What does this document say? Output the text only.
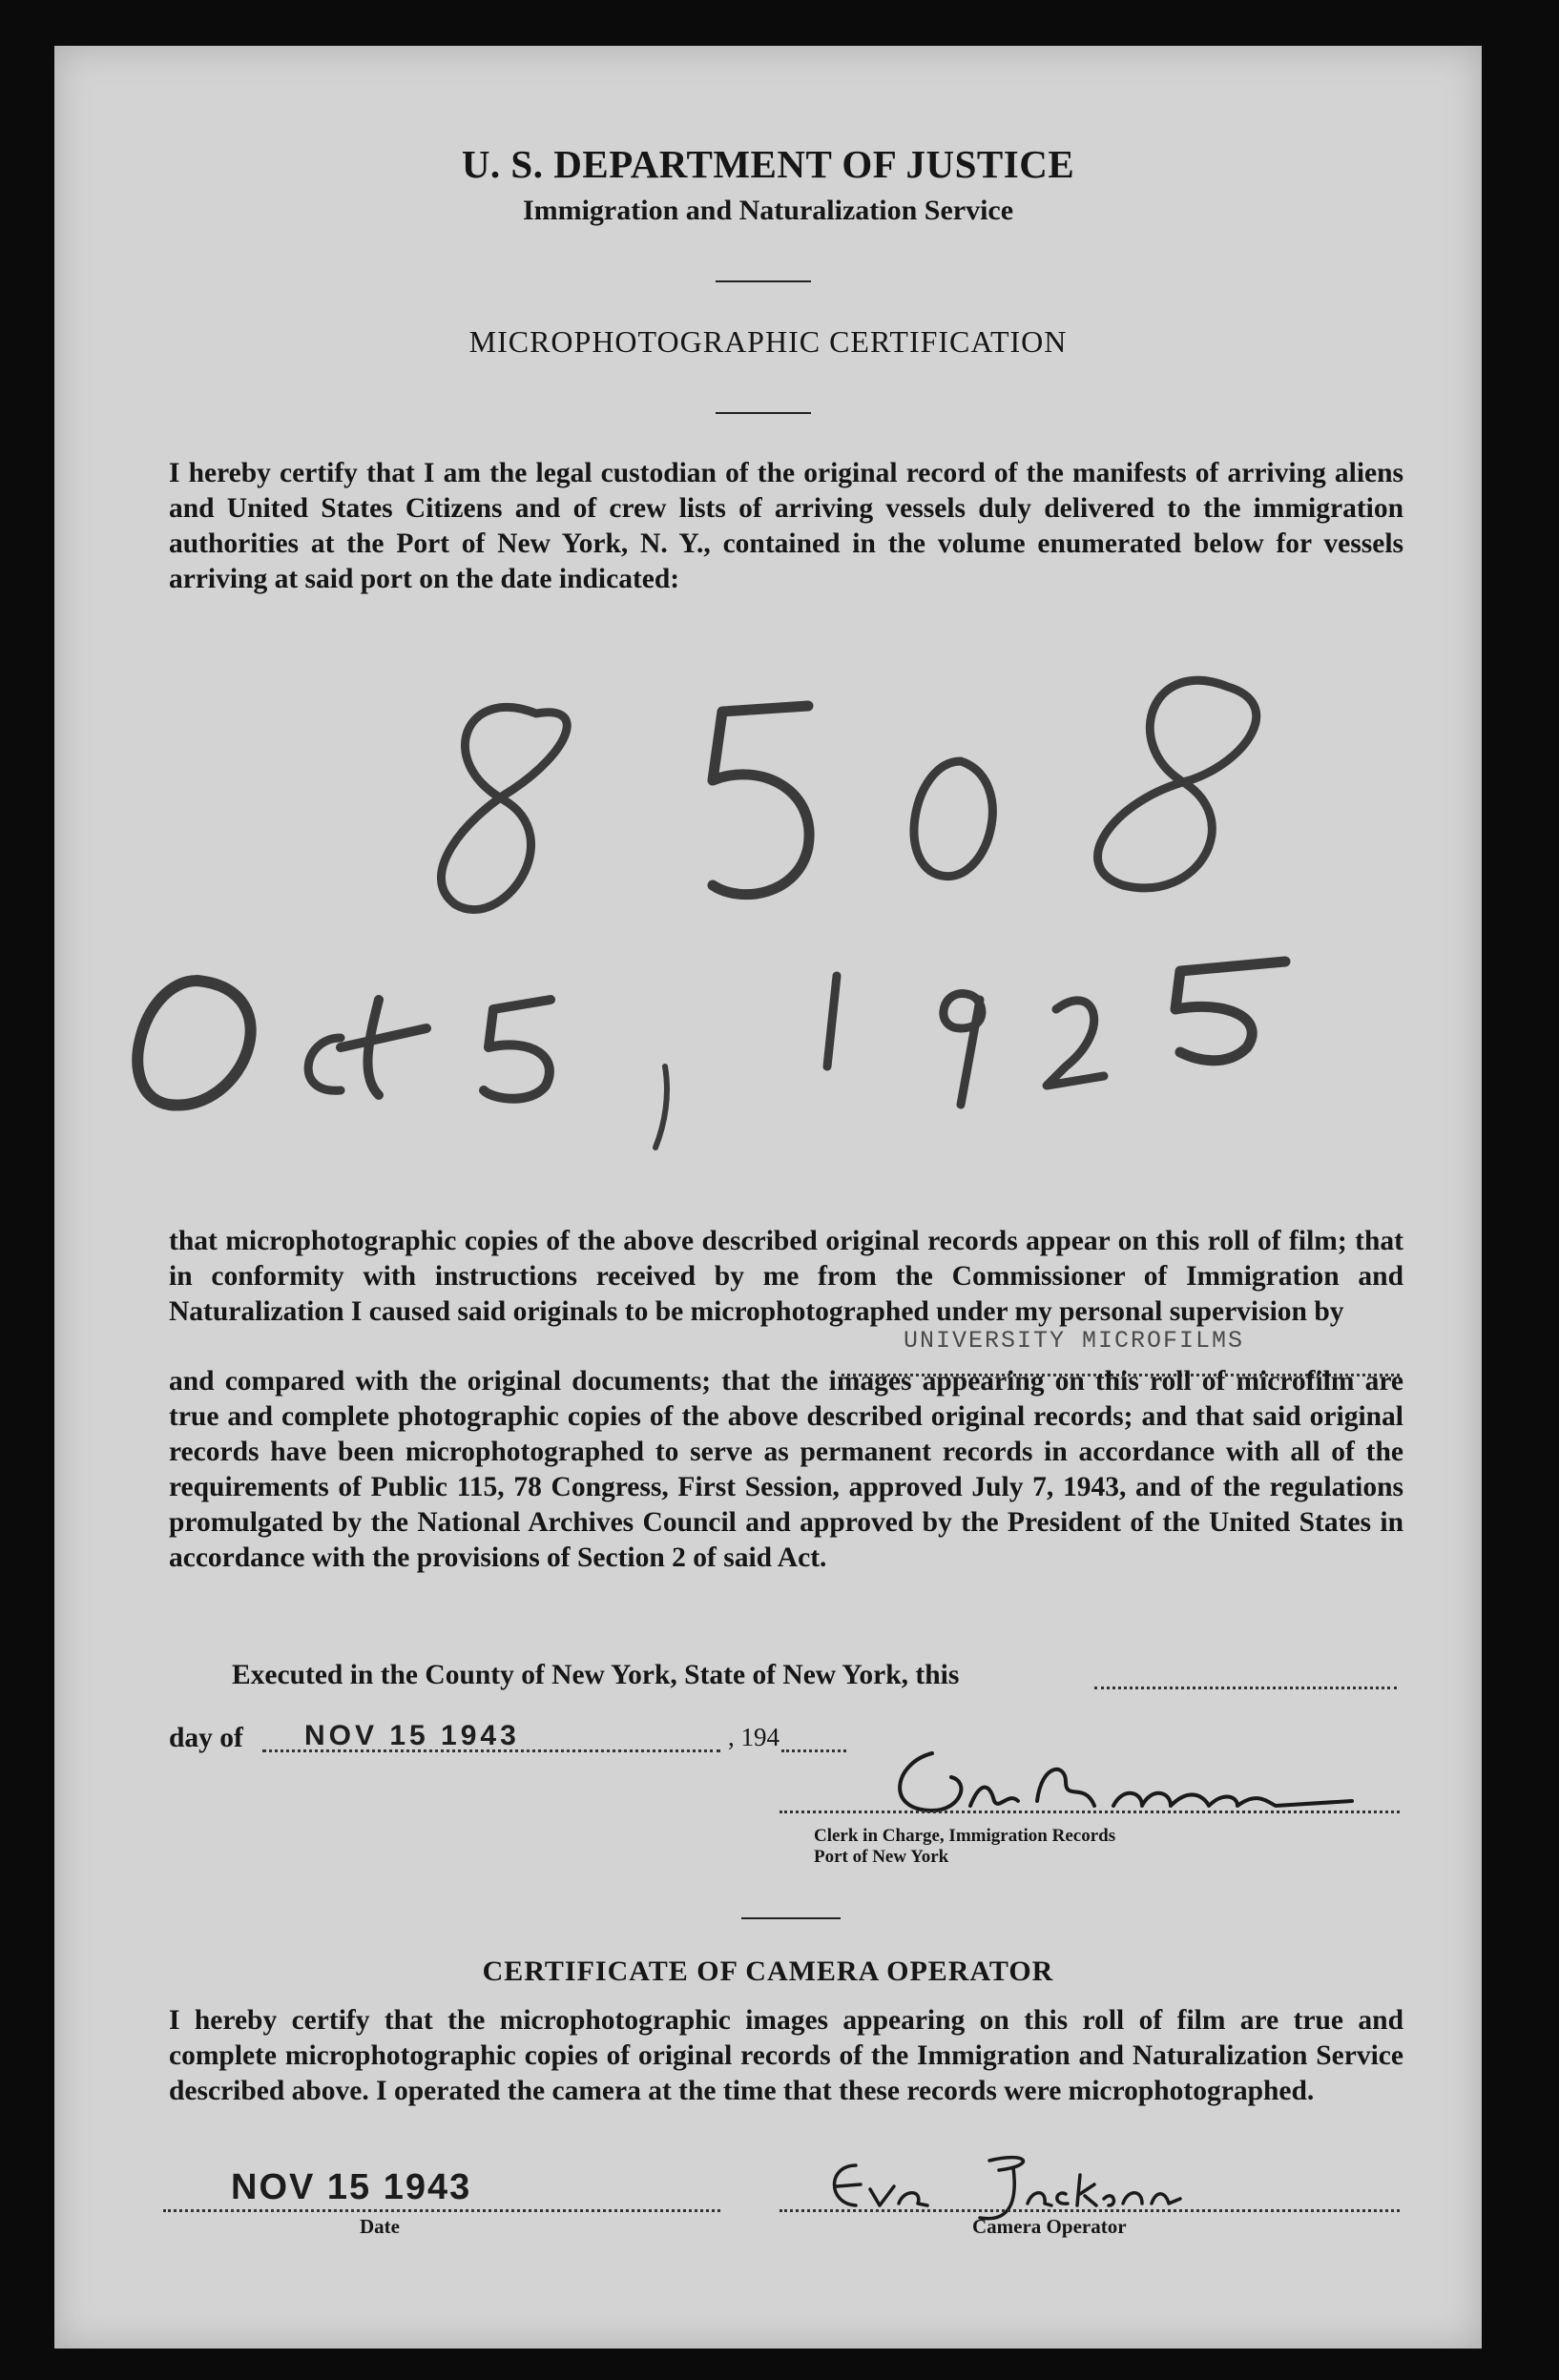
U. S. DEPARTMENT OF JUSTICE
Immigration and Naturalization Service
MICROPHOTOGRAPHIC CERTIFICATION
I hereby certify that I am the legal custodian of the original record of the manifests of arriving aliens and United States Citizens and of crew lists of arriving vessels duly delivered to the immigration authorities at the Port of New York, N. Y., contained in the volume enumerated below for vessels arriving at said port on the date indicated:
that microphotographic copies of the above described original records appear on this roll of film; that in conformity with instructions received by me from the Commissioner of Immigration and Naturalization I caused said originals to be microphotographed under my personal supervision by
UNIVERSITY MICROFILMS
and compared with the original documents; that the images appearing on this roll of microfilm are true and complete photographic copies of the above described original records; and that said original records have been microphotographed to serve as permanent records in accordance with all of the requirements of Public 115, 78 Congress, First Session, approved July 7, 1943, and of the regulations promulgated by the National Archives Council and approved by the President of the United States in accordance with the provisions of Section 2 of said Act.
Executed in the County of New York, State of New York, this
day of NOV 15 1943	, 194
Clerk in Charge, Immigration Records
Port of New York
CERTIFICATE OF CAMERA OPERATOR
I hereby certify that the microphotographic images appearing on this roll of film are true and complete microphotographic copies of original records of the Immigration and Naturalization Service described above. I operated the camera at the time that these records were microphotographed.
NOV 15 1943
Date	Camera Operator
